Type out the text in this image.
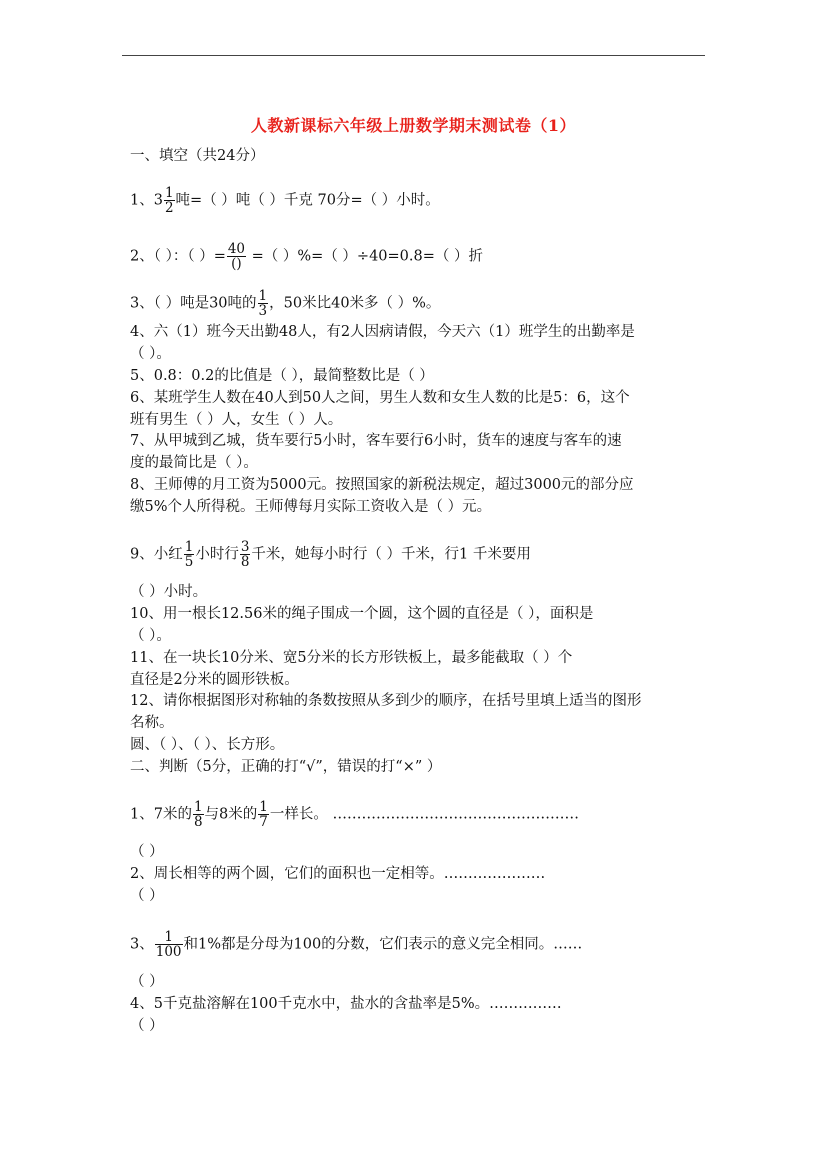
人教新课标六年级上册数学期末测试卷（1）
一、填空（共24分）
1、$3 \frac{1}{2}$ 吨=（ ）吨（ ）千克 70分=（ ）小时。
2、（ ）：（ ）= $\frac{40}{()}$ =（ ）%=（ ）÷40=0.8=（ ）折
3、（ ）吨是30吨的 $\frac{1}{3}$ ，50米比40米多（ ）%。
4、六（1）班今天出勤48人，有2人因病请假，今天六（1）班学生的出勤率是
（ ）。
5、0.8：0.2的比值是（ ），最简整数比是（ ）
6、某班学生人数在40人到50人之间，男生人数和女生人数的比是5：6，这个
班有男生（ ）人，女生（ ）人。
7、从甲城到乙城，货车要行5小时，客车要行6小时，货车的速度与客车的速
度的最简比是（ ）。
8、王师傅的月工资为5000元。按照国家的新税法规定，超过3000元的部分应
缴5%个人所得税。王师傅每月实际工资收入是（ ）元。
9、小红 $\frac{1}{5}$ 小时行 $\frac{3}{8}$ 千米，她每小时行（ ）千米，行1 千米要用
（ ）小时。
10、用一根长12.56米的绳子围成一个圆，这个圆的直径是（ ），面积是
（ ）。
11、在一块长10分米、宽5分米的长方形铁板上，最多能截取（ ）个
直径是2分米的圆形铁板。
12、请你根据图形对称轴的条数按照从多到少的顺序，在括号里填上适当的图形
名称。
圆、（ ）、（ ）、长方形。
二、判断（5分，正确的打“√”，错误的打“×” ）
1、7米的 $\frac{1}{8}$ 与8米的 $\frac{1}{7}$ 一样长。 ……………………………………………
（ ）
2、周长相等的两个圆，它们的面积也一定相等。…………………
（ ）
3、 $\frac{1}{100}$ 和1%都是分母为100的分数，它们表示的意义完全相同。……
（ ）
4、5千克盐溶解在100千克水中，盐水的含盐率是5%。……………
（ ）
